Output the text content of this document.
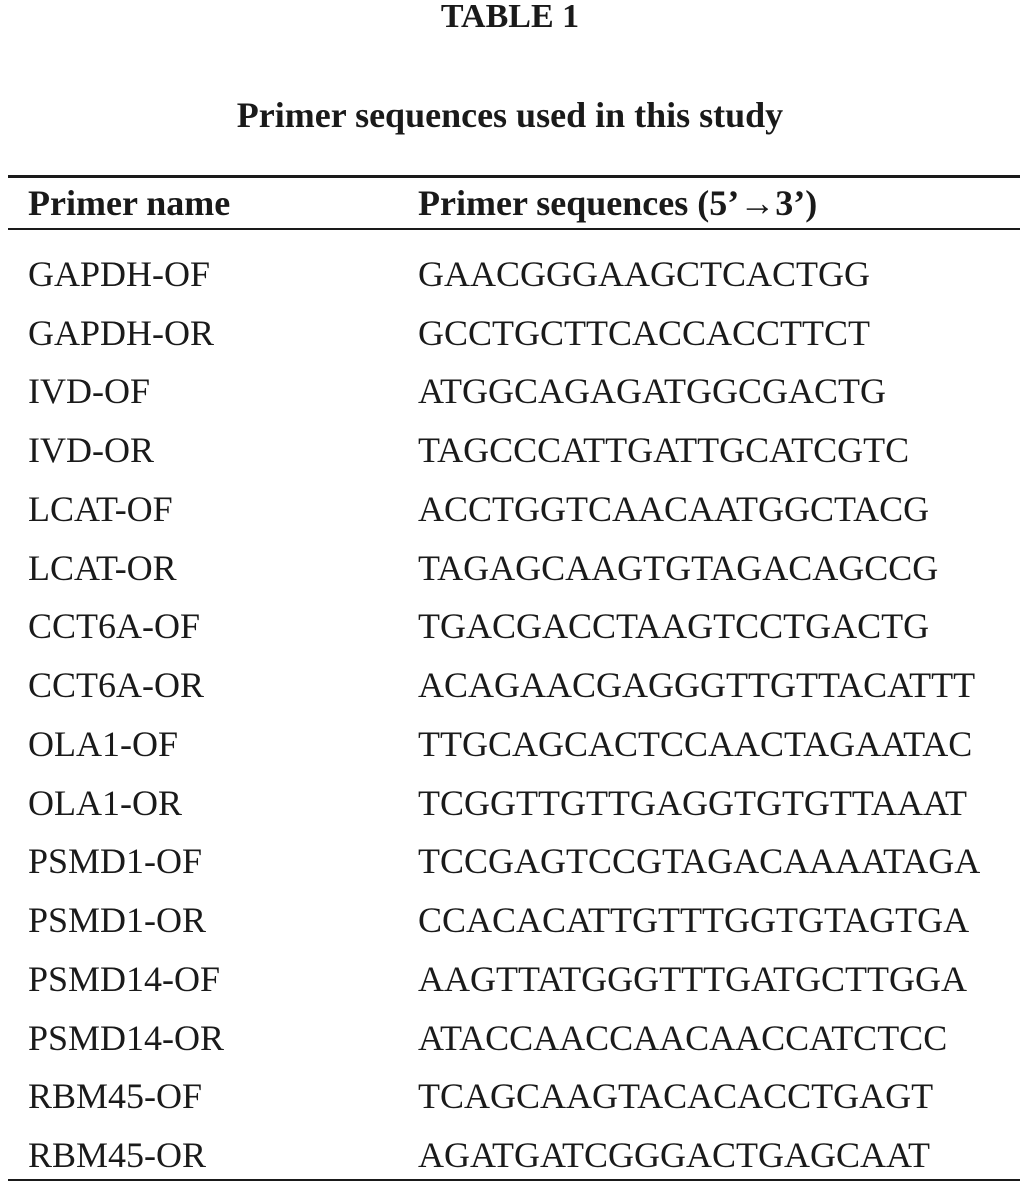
TABLE 1
Primer sequences used in this study
Primer name	Primer sequences (5’→3’)
GAPDH-OF	GAACGGGAAGCTCACTGG
GAPDH-OR	GCCTGCTTCACCACCTTCT
IVD-OF	ATGGCAGAGATGGCGACTG
IVD-OR	TAGCCCATTGATTGCATCGTC
LCAT-OF	ACCTGGTCAACAATGGCTACG
LCAT-OR	TAGAGCAAGTGTAGACAGCCG
CCT6A-OF	TGACGACCTAAGTCCTGACTG
CCT6A-OR	ACAGAACGAGGGTTGTTACATTT
OLA1-OF	TTGCAGCACTCCAACTAGAATAC
OLA1-OR	TCGGTTGTTGAGGTGTGTTAAAT
PSMD1-OF	TCCGAGTCCGTAGACAAAATAGA
PSMD1-OR	CCACACATTGTTTGGTGTAGTGA
PSMD14-OF	AAGTTATGGGTTTGATGCTTGGA
PSMD14-OR	ATACCAACCAACAACCATCTCC
RBM45-OF	TCAGCAAGTACACACCTGAGT
RBM45-OR	AGATGATCGGGACTGAGCAAT
